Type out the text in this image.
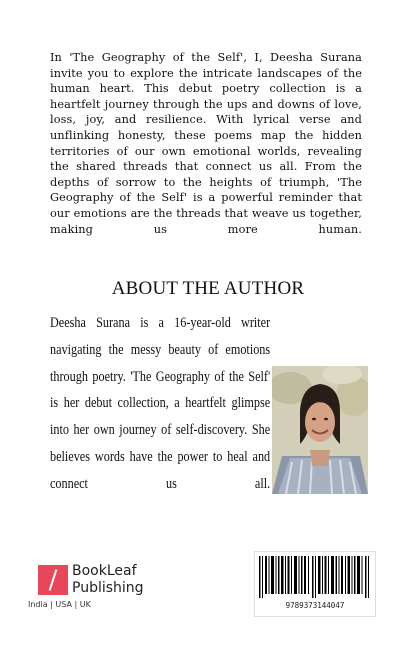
In 'The Geography of the Self', I, Deesha Surana invite you to explore the intricate landscapes of the human heart. This debut poetry collection is a heartfelt journey through the ups and downs of love, loss, joy, and resilience. With lyrical verse and unflinking honesty, these poems map the hidden territories of our own emotional worlds, revealing the shared threads that connect us all. From the depths of sorrow to the heights of triumph, 'The Geography of the Self' is a powerful reminder that our emotions are the threads that weave us together, making us more human.

ABOUT THE AUTHOR

Deesha Surana is a 16-year-old writer navigating the messy beauty of emotions through poetry. 'The Geography of the Self' is her debut collection, a heartfelt glimpse into her own journey of self-discovery. She believes words have the power to heal and connect us all.

BookLeaf
Publishing

India | USA | UK	9789373144047
